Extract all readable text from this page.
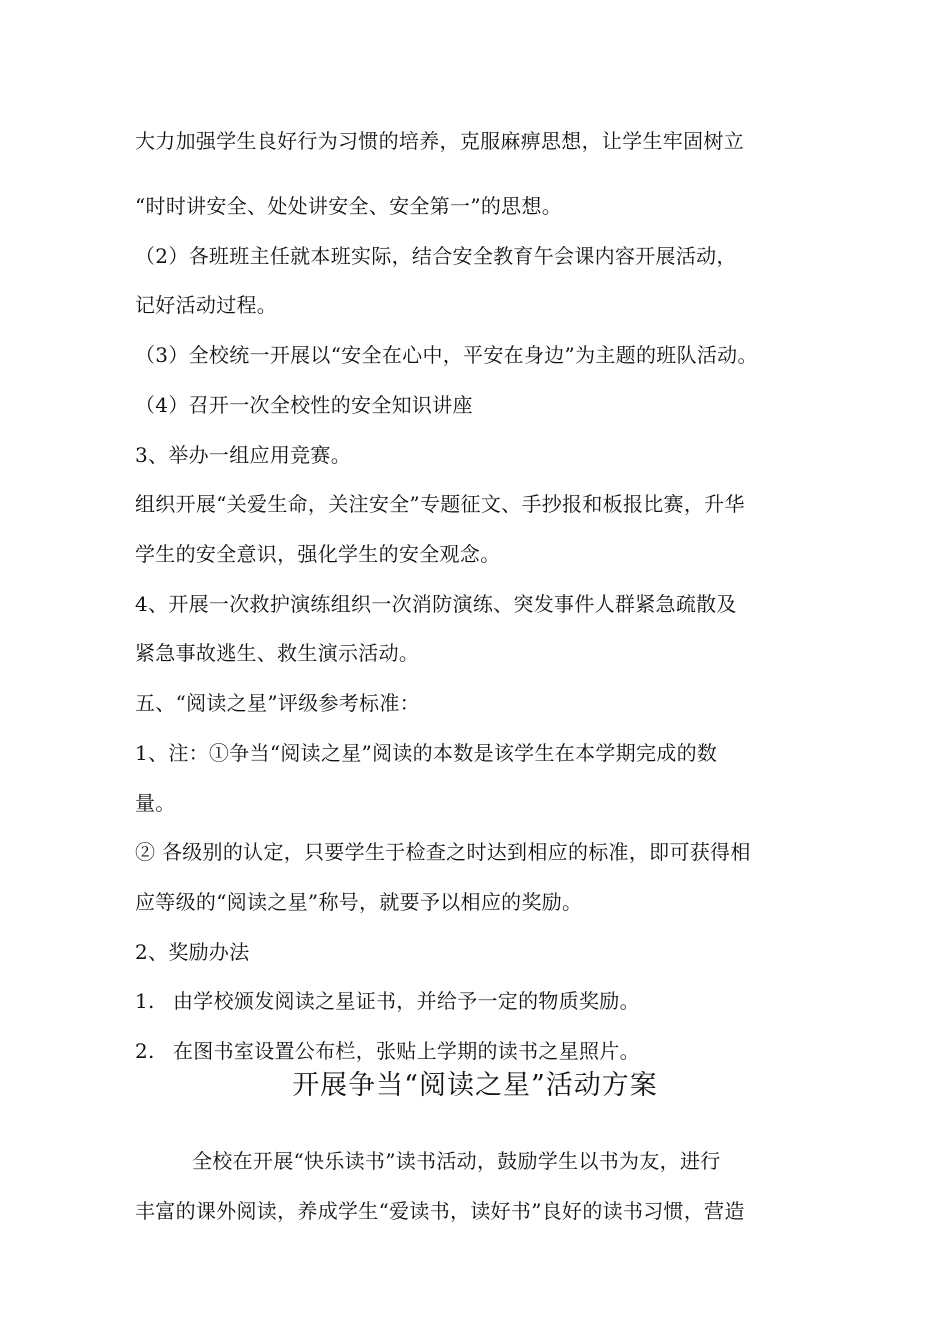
大力加强学生良好行为习惯的培养，克服麻痹思想，让学生牢固树立
“时时讲安全、处处讲安全、安全第一”的思想。
（2）各班班主任就本班实际，结合安全教育午会课内容开展活动，
记好活动过程。
（3）全校统一开展以“安全在心中，平安在身边”为主题的班队活动。
（4）召开一次全校性的安全知识讲座
3、举办一组应用竞赛。
组织开展“关爱生命，关注安全”专题征文、手抄报和板报比赛，升华
学生的安全意识，强化学生的安全观念。
4、开展一次救护演练组织一次消防演练、突发事件人群紧急疏散及
紧急事故逃生、救生演示活动。
五、“阅读之星”评级参考标准：
1、注：①争当“阅读之星”阅读的本数是该学生在本学期完成的数
量。
② 各级别的认定，只要学生于检查之时达到相应的标准，即可获得相
应等级的“阅读之星”称号，就要予以相应的奖励。
2、奖励办法
1. 由学校颁发阅读之星证书，并给予一定的物质奖励。
2. 在图书室设置公布栏，张贴上学期的读书之星照片。
开展争当“阅读之星”活动方案
全校在开展“快乐读书”读书活动，鼓励学生以书为友，进行
丰富的课外阅读，养成学生“爱读书，读好书”良好的读书习惯，营造
